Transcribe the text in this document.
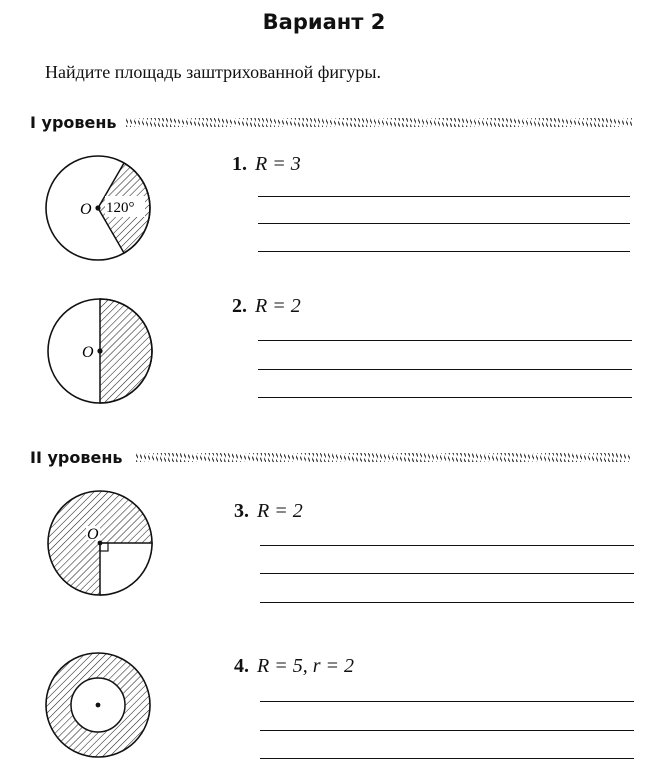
Вариант 2
Найдите площадь заштрихованной фигуры.
I уровень
O 120°
1. R = 3
O
2. R = 2
II уровень
O
3. R = 2
4. R = 5, r = 2
